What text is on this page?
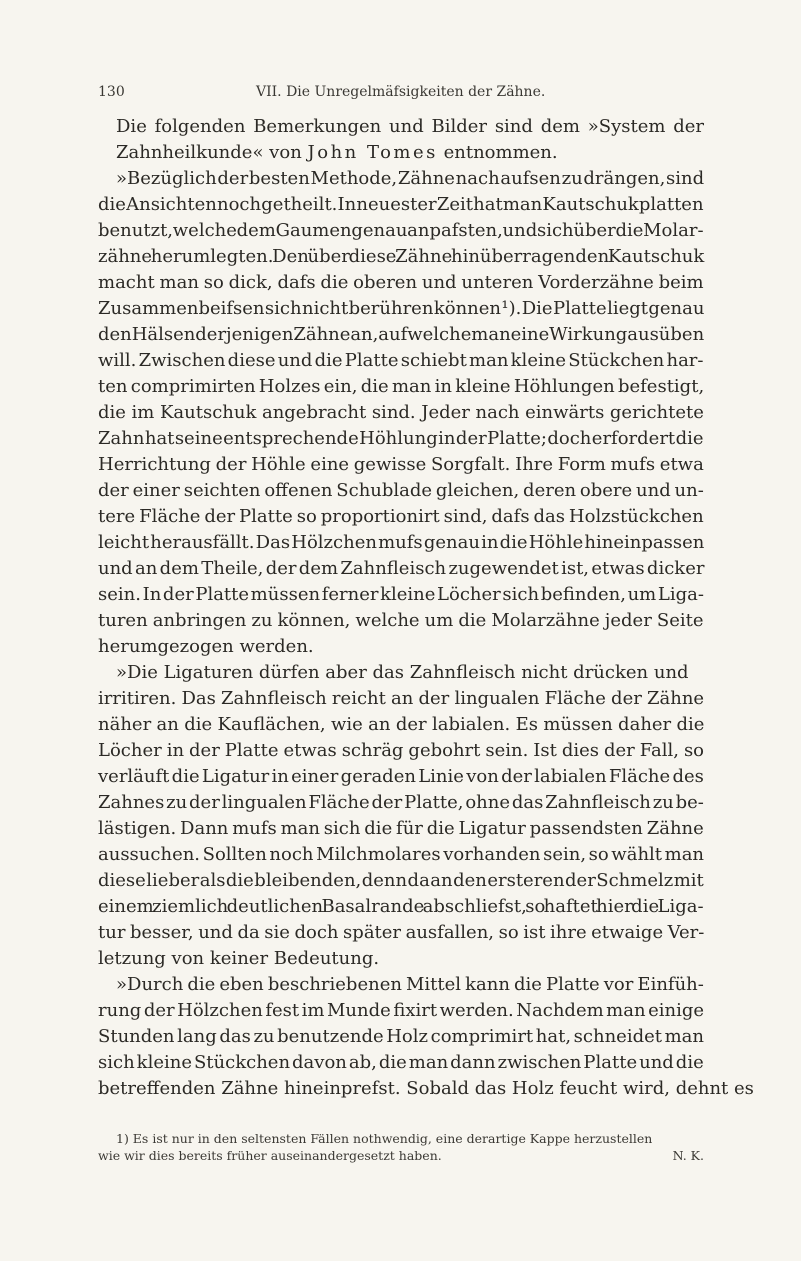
130	VII. Die Unregelmäfsigkeiten der Zähne.

Die folgenden Bemerkungen und Bilder sind dem »System der Zahnheilkunde« von John Tomes entnommen.

»Bezüglich der besten Methode, Zähne nach aufsen zu drängen, sind
die Ansichten noch getheilt. In neuester Zeit hat man Kautschukplatten
benutzt, welche dem Gaumen genau anpafsten, und sich über die Molar-
zähne herumlegten. Den über diese Zähne hinüberragenden Kautschuk
macht man so dick, dafs die oberen und unteren Vorderzähne beim
Zusammenbeifsen sich nicht berühren können ¹). Die Platte liegt genau
den Hälsen derjenigen Zähne an, auf welche man eine Wirkung ausüben
will. Zwischen diese und die Platte schiebt man kleine Stückchen har-
ten comprimirten Holzes ein, die man in kleine Höhlungen befestigt,
die im Kautschuk angebracht sind. Jeder nach einwärts gerichtete
Zahn hat seine entsprechende Höhlung in der Platte; doch erfordert die
Herrichtung der Höhle eine gewisse Sorgfalt. Ihre Form mufs etwa
der einer seichten offenen Schublade gleichen, deren obere und un-
tere Fläche der Platte so proportionirt sind, dafs das Holzstückchen
leicht herausfällt. Das Hölzchen mufs genau in die Höhle hineinpassen
und an dem Theile, der dem Zahnfleisch zugewendet ist, etwas dicker
sein. In der Platte müssen ferner kleine Löcher sich befinden, um Liga-
turen anbringen zu können, welche um die Molarzähne jeder Seite
herumgezogen werden.
»Die Ligaturen dürfen aber das Zahnfleisch nicht drücken und
irritiren. Das Zahnfleisch reicht an der lingualen Fläche der Zähne
näher an die Kauflächen, wie an der labialen. Es müssen daher die
Löcher in der Platte etwas schräg gebohrt sein. Ist dies der Fall, so
verläuft die Ligatur in einer geraden Linie von der labialen Fläche des
Zahnes zu der lingualen Fläche der Platte, ohne das Zahnfleisch zu be-
lästigen. Dann mufs man sich die für die Ligatur passendsten Zähne
aussuchen. Sollten noch Milchmolares vorhanden sein, so wählt man
diese lieber als die bleibenden, denn da an den ersteren der Schmelz mit
einem ziemlich deutlichen Basalrande abschliefst, so haftet hier die Liga-
tur besser, und da sie doch später ausfallen, so ist ihre etwaige Ver-
letzung von keiner Bedeutung.
»Durch die eben beschriebenen Mittel kann die Platte vor Einfüh-
rung der Hölzchen fest im Munde fixirt werden. Nachdem man einige
Stunden lang das zu benutzende Holz comprimirt hat, schneidet man
sich kleine Stückchen davon ab, die man dann zwischen Platte und die
betreffenden Zähne hineinprefst. Sobald das Holz feucht wird, dehnt es
1) Es ist nur in den seltensten Fällen nothwendig, eine derartige Kappe herzustellen
wie wir dies bereits früher auseinandergesetzt haben.	N. K.
